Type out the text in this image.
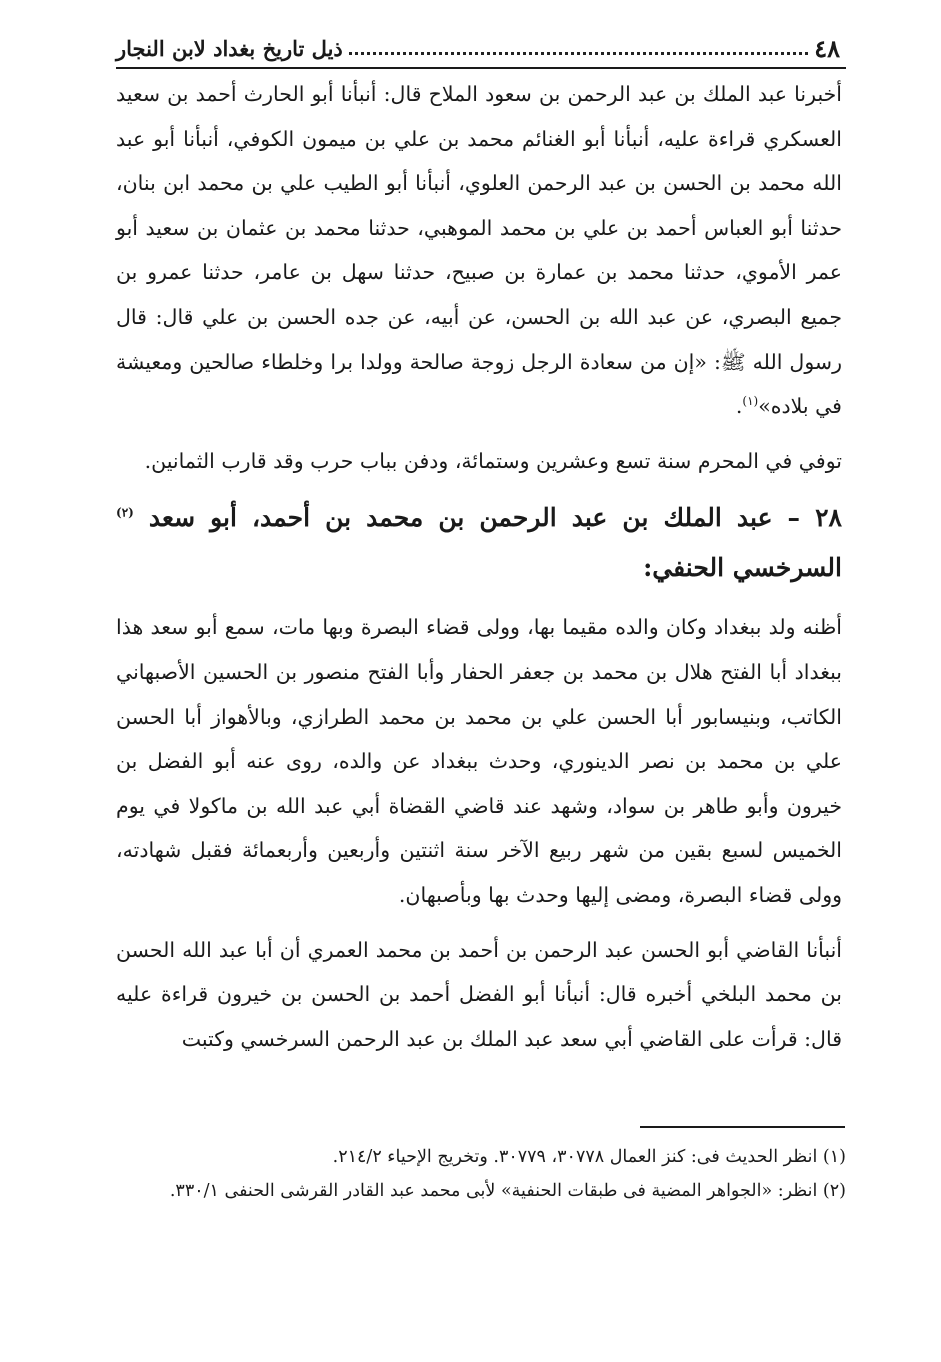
٤٨
ذيل تاريخ بغداد لابن النجار

أخبرنا عبد الملك بن عبد الرحمن بن سعود الملاح قال: أنبأنا أبو الحارث أحمد بن سعيد العسكري قراءة عليه، أنبأنا أبو الغنائم محمد بن علي بن ميمون الكوفي، أنبأنا أبو عبد الله محمد بن الحسن بن عبد الرحمن العلوي، أنبأنا أبو الطيب علي بن محمد ابن بنان، حدثنا أبو العباس أحمد بن علي بن محمد الموهبي، حدثنا محمد بن عثمان بن سعيد أبو عمر الأموي، حدثنا محمد بن عمارة بن صبيح، حدثنا سهل بن عامر، حدثنا عمرو بن جميع البصري، عن عبد الله بن الحسن، عن أبيه، عن جده الحسن بن علي قال: قال رسول الله ﷺ: «إن من سعادة الرجل زوجة صالحة وولدا برا وخلطاء صالحين ومعيشة في بلاده»$^{(١)}$.

توفي في المحرم سنة تسع وعشرين وستمائة، ودفن بباب حرب وقد قارب الثمانين.

٢٨ – عبد الملك بن عبد الرحمن بن محمد بن أحمد، أبو سعد $^{(٢)}$ السرخسي الحنفي:

أظنه ولد ببغداد وكان والده مقيما بها، وولى قضاء البصرة وبها مات، سمع أبو سعد هذا ببغداد أبا الفتح هلال بن محمد بن جعفر الحفار وأبا الفتح منصور بن الحسين الأصبهاني الكاتب، وبنيسابور أبا الحسن علي بن محمد بن محمد الطرازي، وبالأهواز أبا الحسن علي بن محمد بن نصر الدينوري، وحدث ببغداد عن والده، روى عنه أبو الفضل بن خيرون وأبو طاهر بن سواد، وشهد عند قاضي القضاة أبي عبد الله بن ماكولا في يوم الخميس لسبع بقين من شهر ربيع الآخر سنة اثنتين وأربعين وأربعمائة فقبل شهادته، وولى قضاء البصرة، ومضى إليها وحدث بها وبأصبهان.

أنبأنا القاضي أبو الحسن عبد الرحمن بن أحمد بن محمد العمري أن أبا عبد الله الحسن بن محمد البلخي أخبره قال: أنبأنا أبو الفضل أحمد بن الحسن بن خيرون قراءة عليه قال: قرأت على القاضي أبي سعد عبد الملك بن عبد الرحمن السرخسي وكتبت

(١) انظر الحديث فى: كنز العمال ٣٠٧٧٨، ٣٠٧٧٩. وتخريج الإحياء ٢١٤/٢.

(٢) انظر: «الجواهر المضية فى طبقات الحنفية» لأبى محمد عبد القادر القرشى الحنفى ٣٣٠/١.
